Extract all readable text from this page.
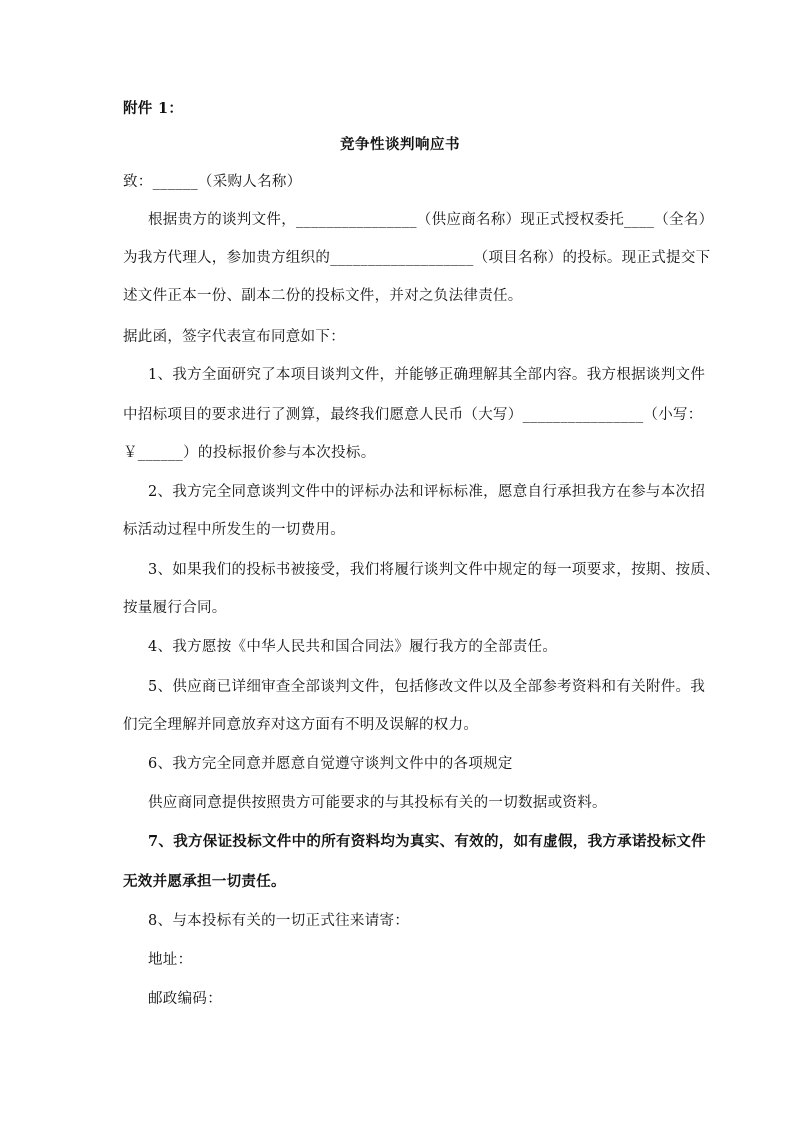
附件 1：
竞争性谈判响应书
致：______（采购人名称）
根据贵方的谈判文件，________________（供应商名称）现正式授权委托____（全名）
为我方代理人，参加贵方组织的___________________（项目名称）的投标。现正式提交下
述文件正本一份、副本二份的投标文件，并对之负法律责任。
据此函，签字代表宣布同意如下：
1、我方全面研究了本项目谈判文件，并能够正确理解其全部内容。我方根据谈判文件
中招标项目的要求进行了测算，最终我们愿意人民币（大写）________________（小写：
￥______）的投标报价参与本次投标。
2、我方完全同意谈判文件中的评标办法和评标标准，愿意自行承担我方在参与本次招
标活动过程中所发生的一切费用。
3、如果我们的投标书被接受，我们将履行谈判文件中规定的每一项要求，按期、按质、
按量履行合同。
4、我方愿按《中华人民共和国合同法》履行我方的全部责任。
5、供应商已详细审查全部谈判文件，包括修改文件以及全部参考资料和有关附件。我
们完全理解并同意放弃对这方面有不明及误解的权力。
6、我方完全同意并愿意自觉遵守谈判文件中的各项规定
供应商同意提供按照贵方可能要求的与其投标有关的一切数据或资料。
7、我方保证投标文件中的所有资料均为真实、有效的，如有虚假，我方承诺投标文件
无效并愿承担一切责任。
8、与本投标有关的一切正式往来请寄：
地址：
邮政编码：
